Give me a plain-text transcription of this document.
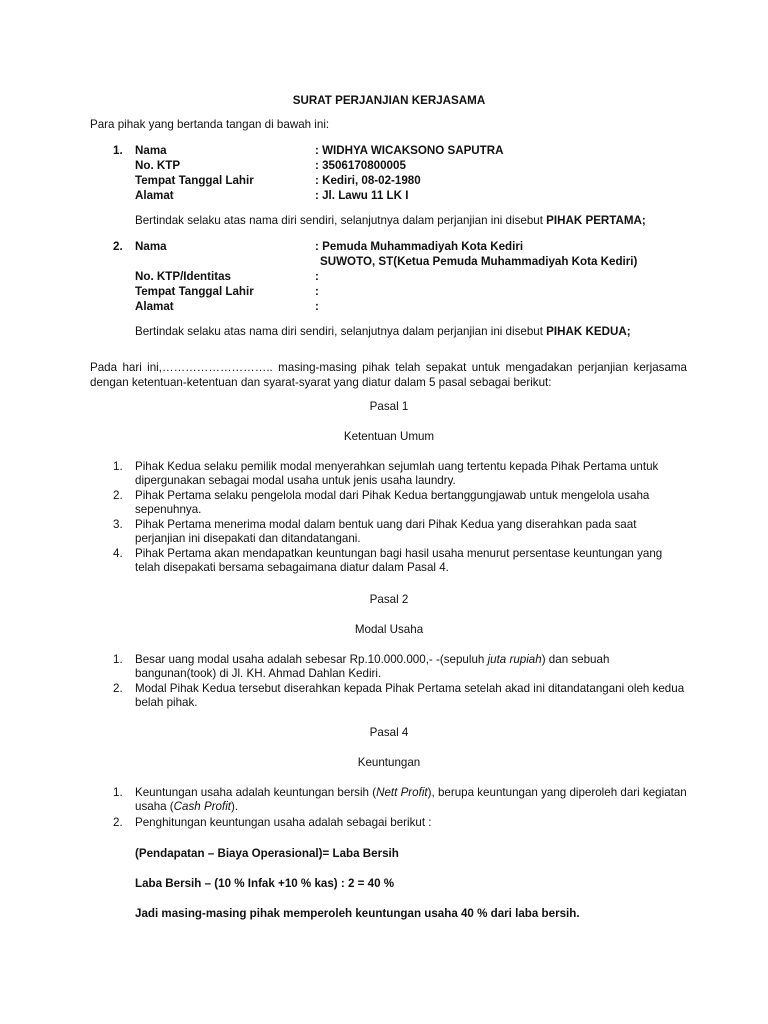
SURAT PERJANJIAN KERJASAMA
Para pihak yang bertanda tangan di bawah ini:
1. Nama	: WIDHYA WICAKSONO SAPUTRA
No. KTP	: 3506170800005
Tempat Tanggal Lahir	: Kediri, 08-02-1980
Alamat	: Jl. Lawu 11 LK I
Bertindak selaku atas nama diri sendiri, selanjutnya dalam perjanjian ini disebut PIHAK PERTAMA;
2. Nama	: Pemuda Muhammadiyah Kota Kediri
SUWOTO, ST(Ketua Pemuda Muhammadiyah Kota Kediri)
No. KTP/Identitas	:
Tempat Tanggal Lahir	:
Alamat	:
Bertindak selaku atas nama diri sendiri, selanjutnya dalam perjanjian ini disebut PIHAK KEDUA;
Pada hari ini,……………………….. masing-masing pihak telah sepakat untuk mengadakan perjanjian kerjasama dengan ketentuan-ketentuan dan syarat-syarat yang diatur dalam 5 pasal sebagai berikut:
Pasal 1
Ketentuan Umum
1. Pihak Kedua selaku pemilik modal menyerahkan sejumlah uang tertentu kepada Pihak Pertama untuk dipergunakan sebagai modal usaha untuk jenis usaha laundry.
2. Pihak Pertama selaku pengelola modal dari Pihak Kedua bertanggungjawab untuk mengelola usaha sepenuhnya.
3. Pihak Pertama menerima modal dalam bentuk uang dari Pihak Kedua yang diserahkan pada saat perjanjian ini disepakati dan ditandatangani.
4. Pihak Pertama akan mendapatkan keuntungan bagi hasil usaha menurut persentase keuntungan yang telah disepakati bersama sebagaimana diatur dalam Pasal 4.
Pasal 2
Modal Usaha
1. Besar uang modal usaha adalah sebesar Rp.10.000.000,- -(sepuluh juta rupiah) dan sebuah bangunan(took) di Jl. KH. Ahmad Dahlan Kediri.
2. Modal Pihak Kedua tersebut diserahkan kepada Pihak Pertama setelah akad ini ditandatangani oleh kedua belah pihak.
Pasal 4
Keuntungan
1. Keuntungan usaha adalah keuntungan bersih (Nett Profit), berupa keuntungan yang diperoleh dari kegiatan usaha (Cash Profit).
2. Penghitungan keuntungan usaha adalah sebagai berikut :
(Pendapatan – Biaya Operasional)= Laba Bersih
Laba Bersih – (10 % Infak +10 % kas) : 2 = 40 %
Jadi masing-masing pihak memperoleh keuntungan usaha 40 % dari laba bersih.
